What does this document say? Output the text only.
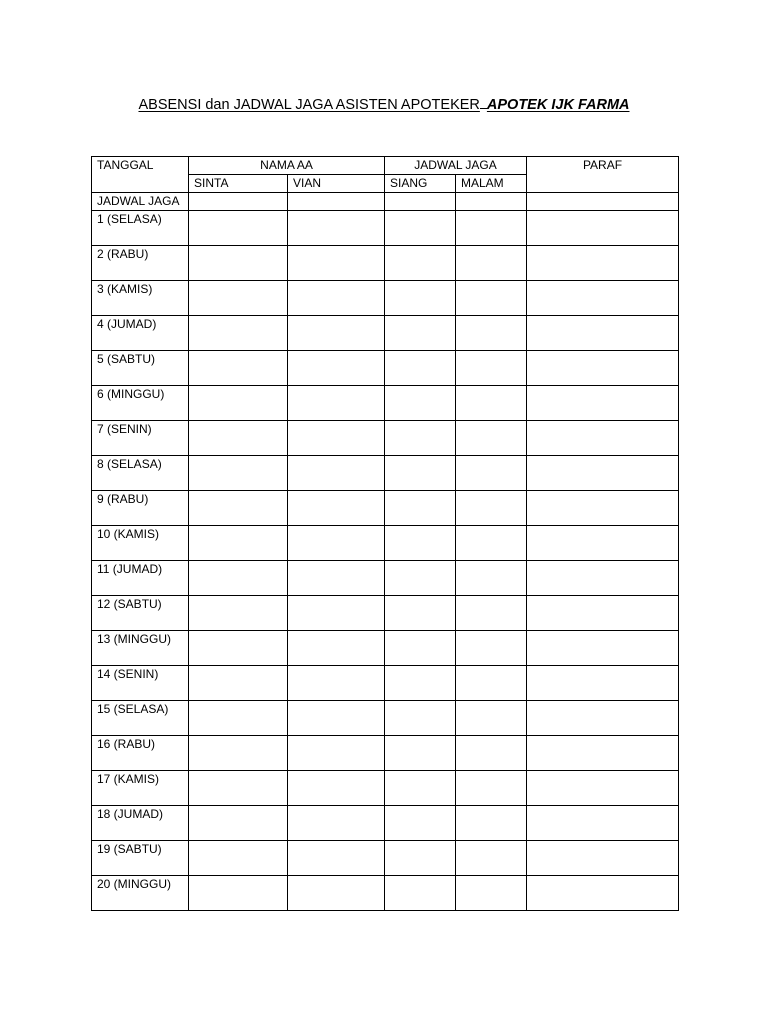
ABSENSI dan JADWAL JAGA ASISTEN APOTEKER APOTEK IJK FARMA
TANGGAL	NAMA AA		JADWAL JAGA		PARAF
	SINTA	VIAN	SIANG	MALAM	
JADWAL JAGA					
1 (SELASA)					
2 (RABU)					
3 (KAMIS)					
4 (JUMAD)					
5 (SABTU)					
6 (MINGGU)					
7 (SENIN)					
8 (SELASA)					
9 (RABU)					
10 (KAMIS)					
11 (JUMAD)					
12 (SABTU)					
13 (MINGGU)					
14 (SENIN)					
15 (SELASA)					
16 (RABU)					
17 (KAMIS)					
18 (JUMAD)					
19 (SABTU)					
20 (MINGGU)					
